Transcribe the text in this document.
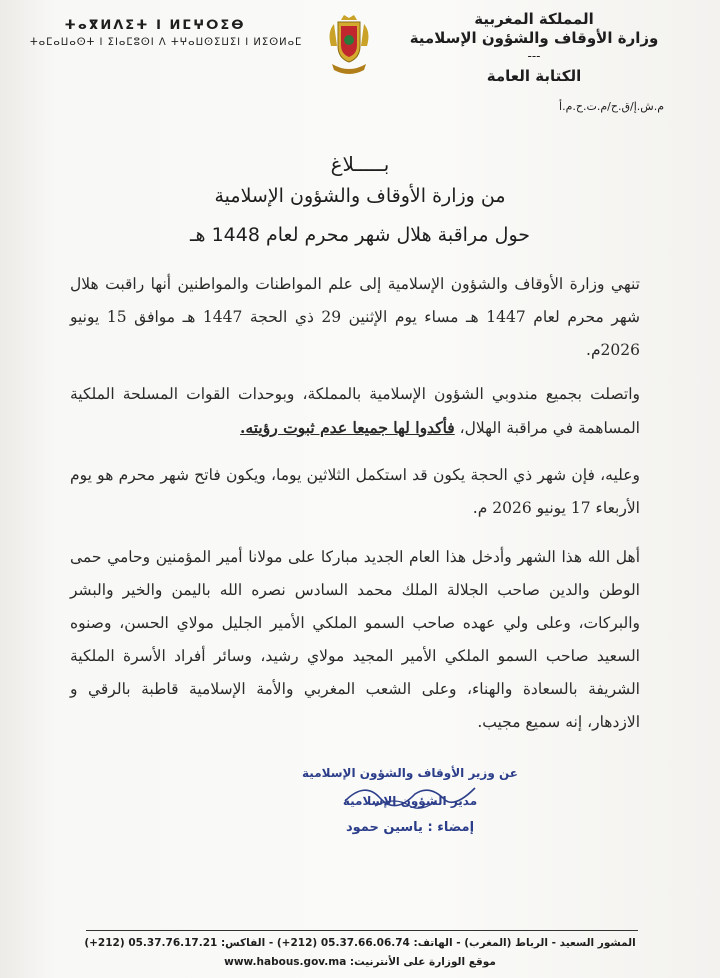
المملكة المغربية
وزارة الأوقاف والشؤون الإسلامية
---
الكتابة العامة
م.ش.إ/ق.ح/م.ت.ح.م.أ
ⵜⴰⴳⵍⴷⵉⵜ ⵏ ⵍⵎⵖⵔⵉⴱ
ⵜⴰⵎⴰⵡⴰⵙⵜ ⵏ ⵉⵏⴰⵎⵓⵙⵏ ⴷ ⵜⵖⴰⵡⵙⵉⵡⵉⵏ ⵏ ⵍⵉⵙⵍⴰⵎ
بـــــلاغ
من وزارة الأوقاف والشؤون الإسلامية
حول مراقبة هلال شهر محرم لعام 1448 هـ
تنهي وزارة الأوقاف والشؤون الإسلامية إلى علم المواطنات والمواطنين أنها راقبت هلال شهر محرم لعام 1447 هـ مساء يوم الإثنين 29 ذي الحجة 1447 هـ موافق 15 يونيو 2026م.
واتصلت بجميع مندوبي الشؤون الإسلامية بالمملكة، وبوحدات القوات المسلحة الملكية المساهمة في مراقبة الهلال، فأكدوا لها جميعا عدم ثبوت رؤيته.
وعليه، فإن شهر ذي الحجة يكون قد استكمل الثلاثين يوما، ويكون فاتح شهر محرم هو يوم الأربعاء 17 يونيو 2026 م.
أهل الله هذا الشهر وأدخل هذا العام الجديد مباركا على مولانا أمير المؤمنين وحامي حمى الوطن والدين صاحب الجلالة الملك محمد السادس نصره الله باليمن والخير والبشر والبركات، وعلى ولي عهده صاحب السمو الملكي الأمير الجليل مولاي الحسن، وصنوه السعيد صاحب السمو الملكي الأمير المجيد مولاي رشيد، وسائر أفراد الأسرة الملكية الشريفة بالسعادة والهناء، وعلى الشعب المغربي والأمة الإسلامية قاطبة بالرقي و الازدهار، إنه سميع مجيب.
عن وزير الأوقاف والشؤون الإسلامية
مدير الشؤون الإسلامية
إمضاء : ياسين حمود
المشور السعيد - الرباط (المغرب) - الهاتف: 05.37.66.06.74 (212+) - الفاكس: 05.37.76.17.21 (212+)
موقع الوزارة على الأنترنيت: www.habous.gov.ma
